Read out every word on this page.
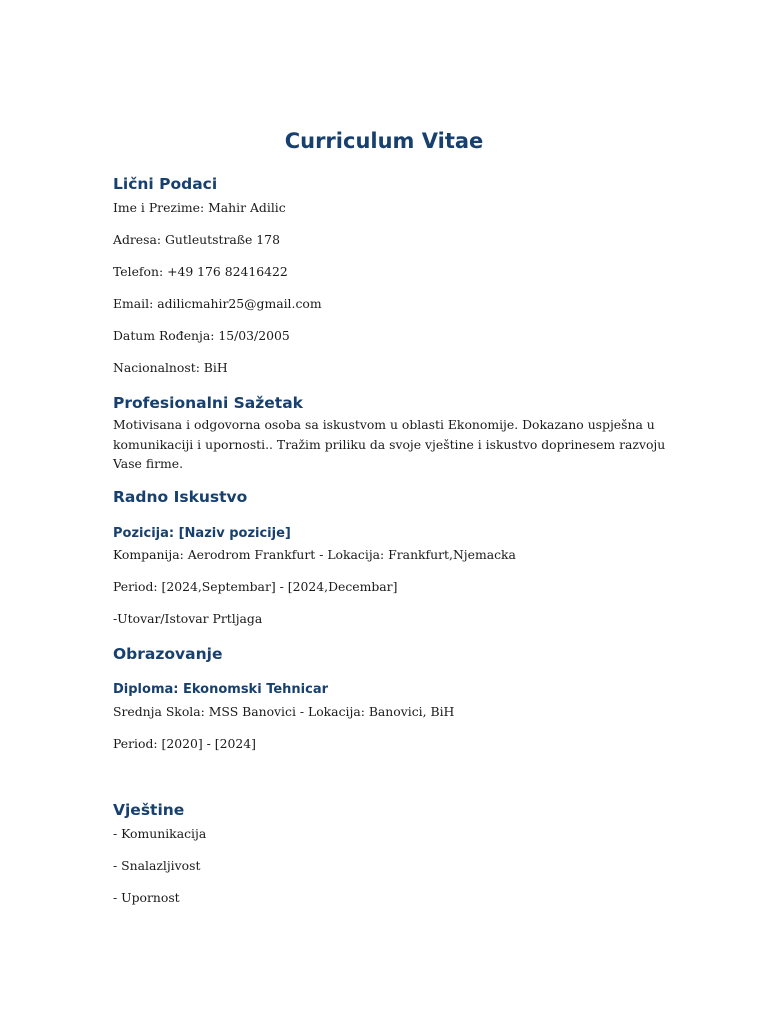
Curriculum Vitae
Lični Podaci

Ime i Prezime: Mahir Adilic

Adresa: Gutleutstraße 178

Telefon: +49 176 82416422

Email: adilicmahir25@gmail.com

Datum Rođenja: 15/03/2005

Nacionalnost: BiH

Profesionalni Sažetak
Motivisana i odgovorna osoba sa iskustvom u oblasti Ekonomije. Dokazano uspješna u
komunikaciji i upornosti.. Tražim priliku da svoje vještine i iskustvo doprinesem razvoju
Vase firme.
Radno Iskustvo
Pozicija: [Naziv pozicije]

Kompanija: Aerodrom Frankfurt - Lokacija: Frankfurt,Njemacka

Period: [2024,Septembar] - [2024,Decembar]

-Utovar/Istovar Prtljaga

Obrazovanje
Diploma: Ekonomski Tehnicar

Srednja Skola: MSS Banovici - Lokacija: Banovici, BiH

Period: [2020] - [2024]

Vještine

- Komunikacija

- Snalazljivost

- Upornost
